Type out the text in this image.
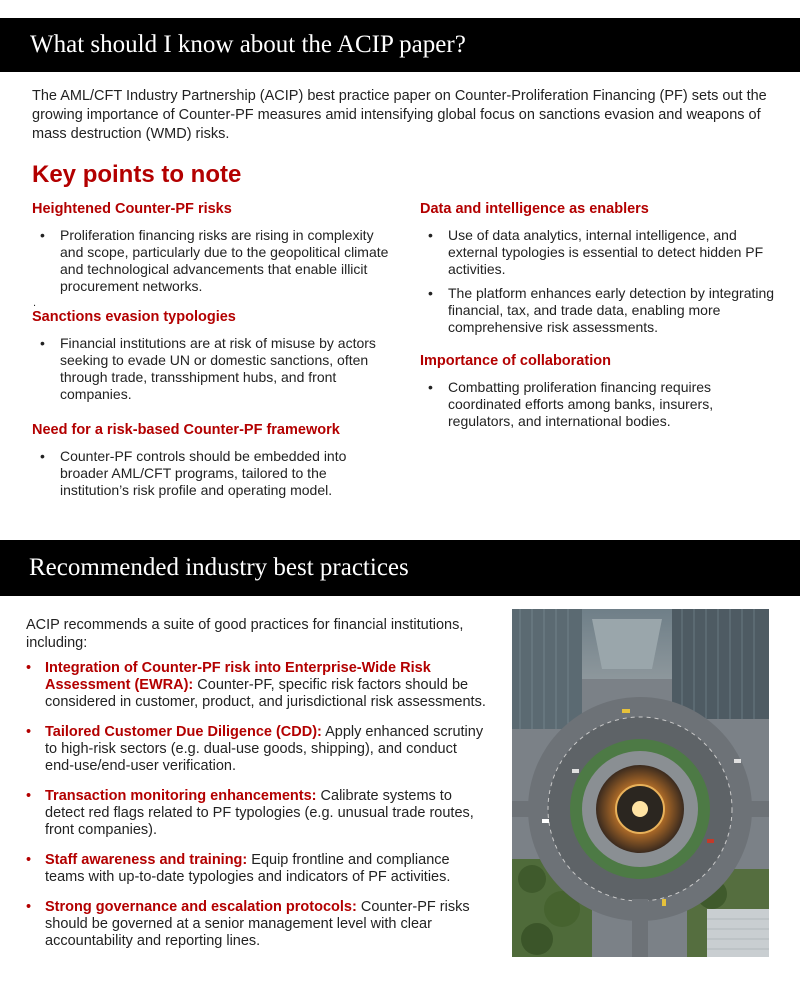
What should I know about the ACIP paper?

The AML/CFT Industry Partnership (ACIP) best practice paper on Counter-Proliferation Financing (PF) sets out the growing importance of Counter-PF measures amid intensifying global focus on sanctions evasion and weapons of mass destruction (WMD) risks.

Key points to note
Heightened Counter-PF risks
• Proliferation financing risks are rising in complexity and scope, particularly due to the geopolitical climate and technological advancements that enable illicit procurement networks.
.
Sanctions evasion typologies
• Financial institutions are at risk of misuse by actors seeking to evade UN or domestic sanctions, often through trade, transshipment hubs, and front companies.
Need for a risk-based Counter-PF framework
• Counter-PF controls should be embedded into broader AML/CFT programs, tailored to the institution’s risk profile and operating model.
Data and intelligence as enablers
• Use of data analytics, internal intelligence, and external typologies is essential to detect hidden PF activities.
• The platform enhances early detection by integrating financial, tax, and trade data, enabling more comprehensive risk assessments.
Importance of collaboration
• Combatting proliferation financing requires coordinated efforts among banks, insurers, regulators, and international bodies.
Recommended industry best practices

ACIP recommends a suite of good practices for financial institutions, including:

• Integration of Counter-PF risk into Enterprise-Wide Risk Assessment (EWRA): Counter-PF, specific risk factors should be considered in customer, product, and jurisdictional risk assessments.
• Tailored Customer Due Diligence (CDD): Apply enhanced scrutiny to high-risk sectors (e.g. dual-use goods, shipping), and conduct end-use/end-user verification.
• Transaction monitoring enhancements: Calibrate systems to detect red flags related to PF typologies (e.g. unusual trade routes, front companies).
• Staff awareness and training: Equip frontline and compliance teams with up-to-date typologies and indicators of PF activities.
• Strong governance and escalation protocols: Counter-PF risks should be governed at a senior management level with clear accountability and reporting lines.
